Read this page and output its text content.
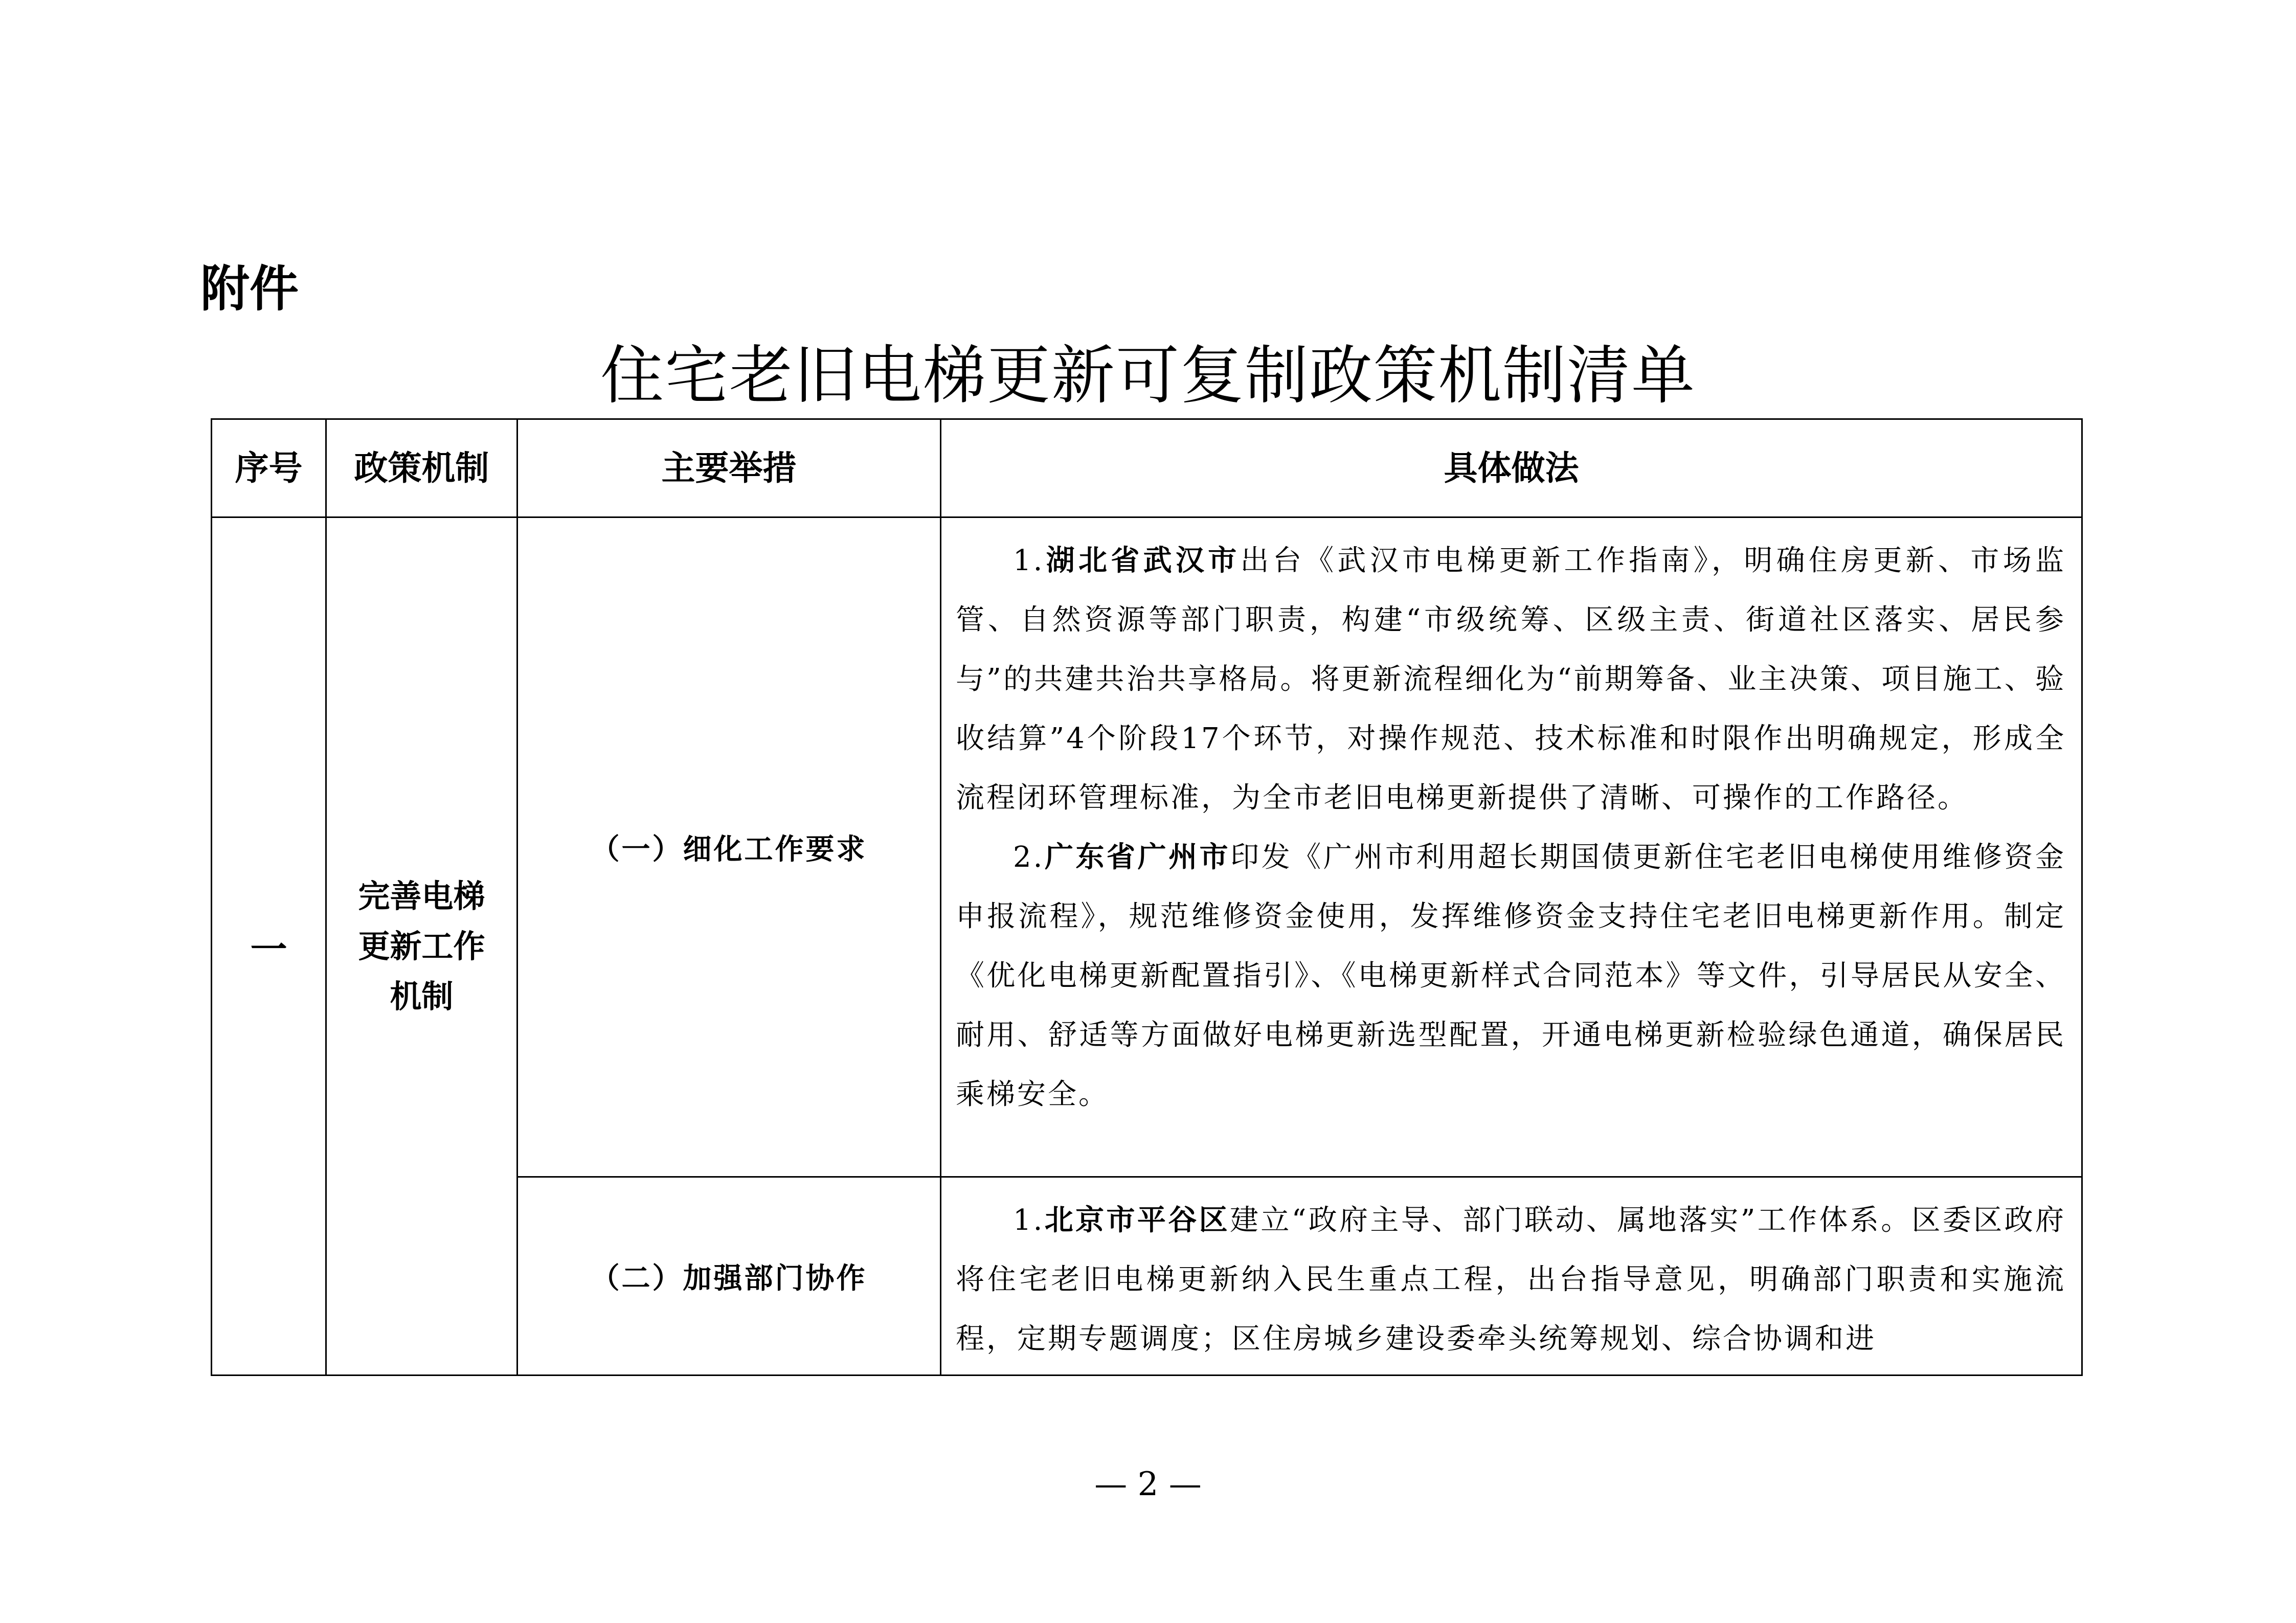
附件
住宅老旧电梯更新可复制政策机制清单
序号	政策机制	主要举措	具体做法
一	完善电梯更新工作机制	（一）细化工作要求	1.湖北省武汉市出台《武汉市电梯更新工作指南》，明确住房更新、市场监管、自然资源等部门职责，构建“市级统筹、区级主责、街道社区落实、居民参与”的共建共治共享格局。将更新流程细化为“前期筹备、业主决策、项目施工、验收结算”4个阶段17个环节，对操作规范、技术标准和时限作出明确规定，形成全流程闭环管理标准，为全市老旧电梯更新提供了清晰、可操作的工作路径。

2.广东省广州市印发《广州市利用超长期国债更新住宅老旧电梯使用维修资金申报流程》，规范维修资金使用，发挥维修资金支持住宅老旧电梯更新作用。制定《优化电梯更新配置指引》、《电梯更新样式合同范本》等文件，引导居民从安全、耐用、舒适等方面做好电梯更新选型配置，开通电梯更新检验绿色通道，确保居民乘梯安全。

		（二）加强部门协作	1.北京市平谷区建立“政府主导、部门联动、属地落实”工作体系。区委区政府将住宅老旧电梯更新纳入民生重点工程，出台指导意见，明确部门职责和实施流程，定期专题调度；区住房城乡建设委牵头统筹规划、综合协调和进

— 2 —
